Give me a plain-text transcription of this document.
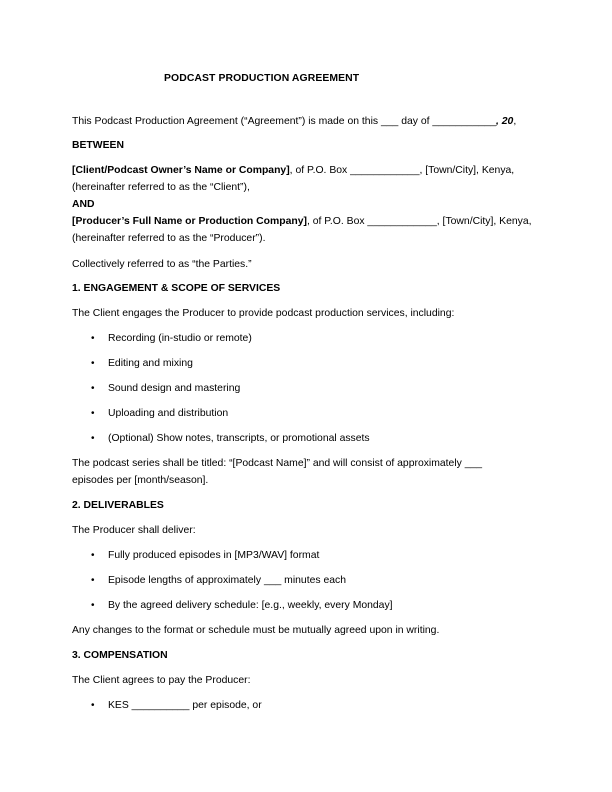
PODCAST PRODUCTION AGREEMENT
This Podcast Production Agreement (“Agreement”) is made on this ___ day of ___________, 20,
BETWEEN
[Client/Podcast Owner’s Name or Company], of P.O. Box ____________, [Town/City], Kenya,
(hereinafter referred to as the “Client”),
AND
[Producer’s Full Name or Production Company], of P.O. Box ____________, [Town/City], Kenya,
(hereinafter referred to as the “Producer”).
Collectively referred to as “the Parties.”
1. ENGAGEMENT & SCOPE OF SERVICES
The Client engages the Producer to provide podcast production services, including:
• Recording (in-studio or remote)
• Editing and mixing
• Sound design and mastering
• Uploading and distribution
• (Optional) Show notes, transcripts, or promotional assets
The podcast series shall be titled: “[Podcast Name]” and will consist of approximately ___
episodes per [month/season].
2. DELIVERABLES
The Producer shall deliver:
• Fully produced episodes in [MP3/WAV] format
• Episode lengths of approximately ___ minutes each
• By the agreed delivery schedule: [e.g., weekly, every Monday]
Any changes to the format or schedule must be mutually agreed upon in writing.
3. COMPENSATION
The Client agrees to pay the Producer:
• KES __________ per episode, or
